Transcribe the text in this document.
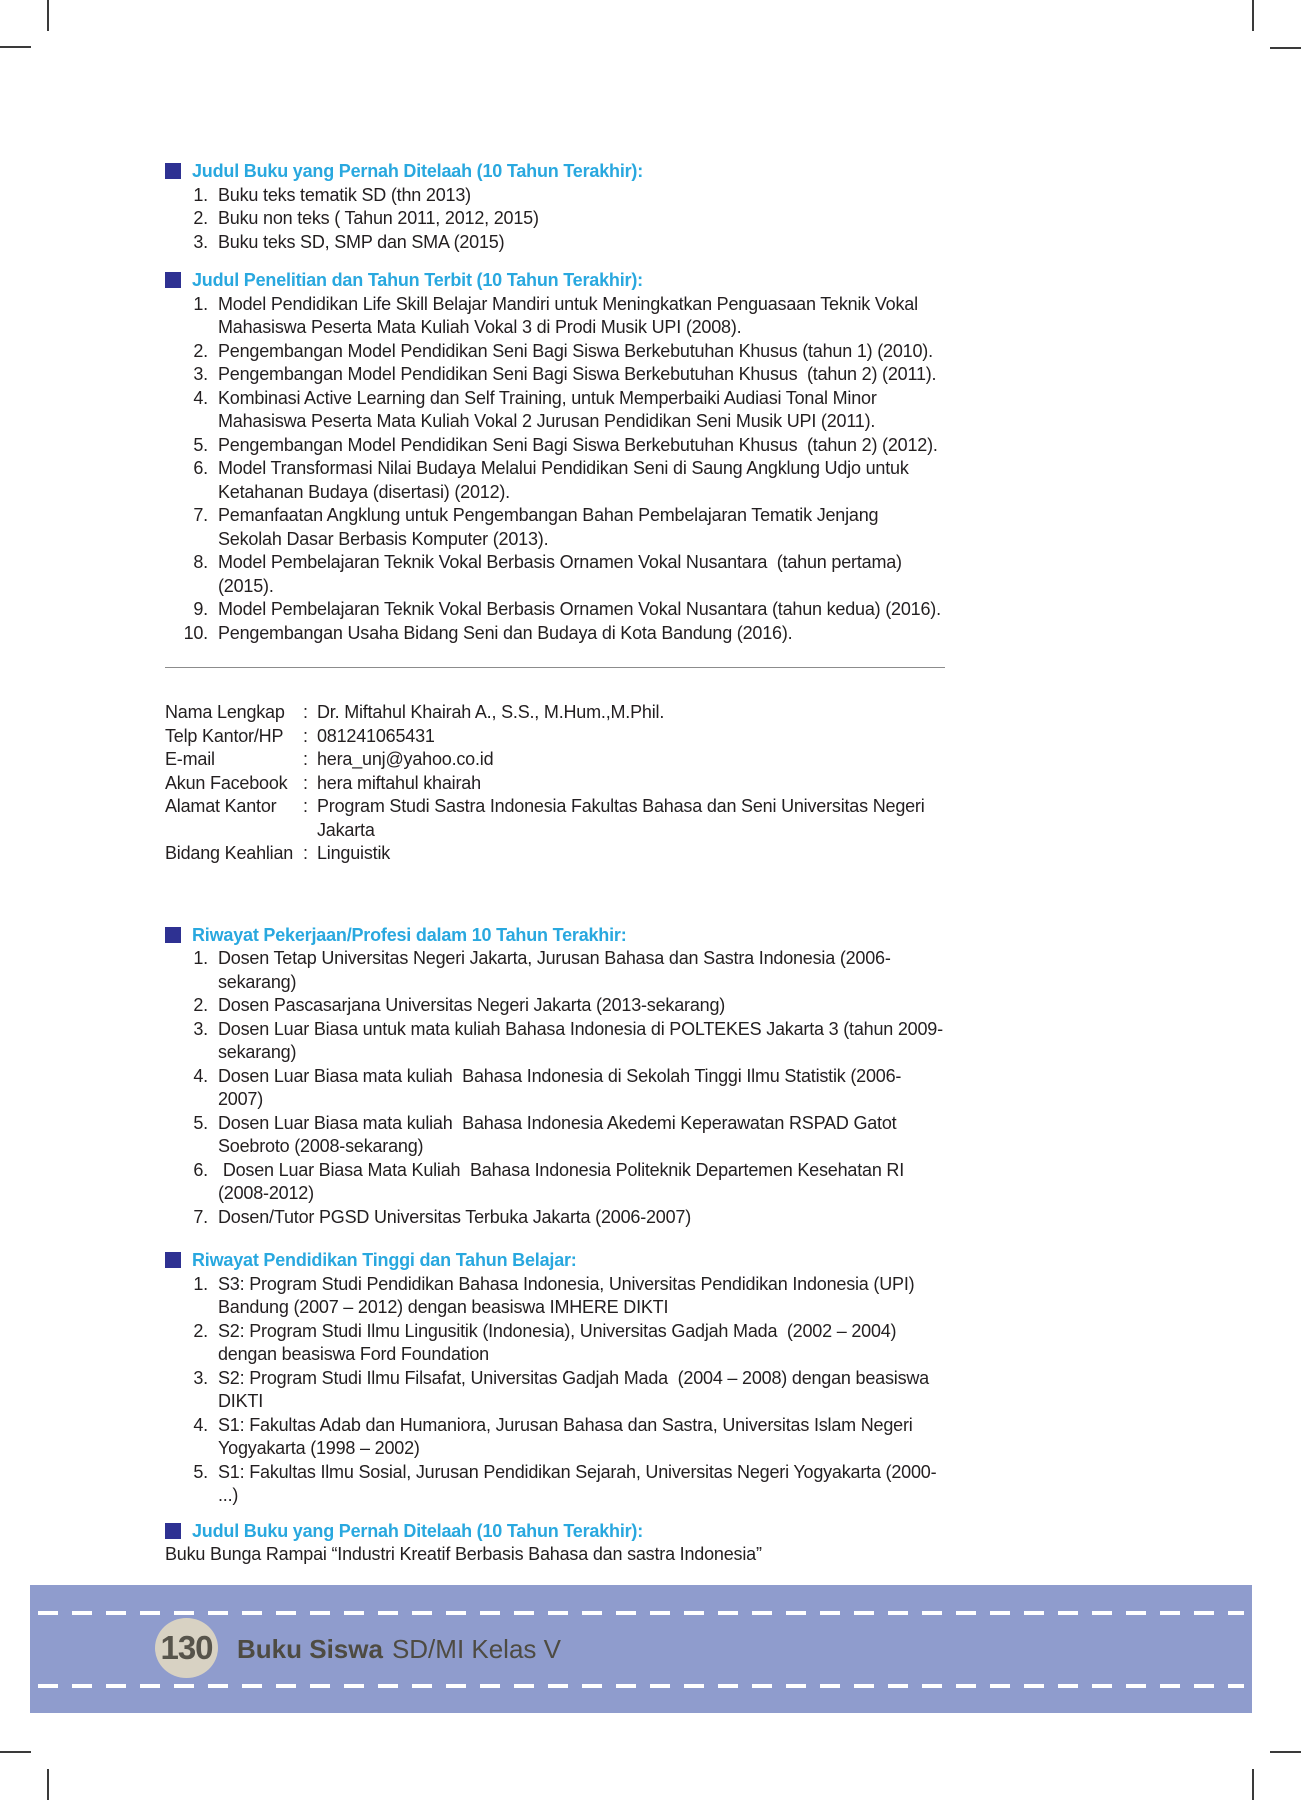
Judul Buku yang Pernah Ditelaah (10 Tahun Terakhir):
1. Buku teks tematik SD (thn 2013)
2. Buku non teks ( Tahun 2011, 2012, 2015)
3. Buku teks SD, SMP dan SMA (2015)
Judul Penelitian dan Tahun Terbit (10 Tahun Terakhir):
1. Model Pendidikan Life Skill Belajar Mandiri untuk Meningkatkan Penguasaan Teknik Vokal Mahasiswa Peserta Mata Kuliah Vokal 3 di Prodi Musik UPI (2008).
2. Pengembangan Model Pendidikan Seni Bagi Siswa Berkebutuhan Khusus (tahun 1) (2010).
3. Pengembangan Model Pendidikan Seni Bagi Siswa Berkebutuhan Khusus  (tahun 2) (2011).
4. Kombinasi Active Learning dan Self Training, untuk Memperbaiki Audiasi Tonal Minor Mahasiswa Peserta Mata Kuliah Vokal 2 Jurusan Pendidikan Seni Musik UPI (2011).
5. Pengembangan Model Pendidikan Seni Bagi Siswa Berkebutuhan Khusus  (tahun 2) (2012).
6. Model Transformasi Nilai Budaya Melalui Pendidikan Seni di Saung Angklung Udjo untuk Ketahanan Budaya (disertasi) (2012).
7. Pemanfaatan Angklung untuk Pengembangan Bahan Pembelajaran Tematik Jenjang Sekolah Dasar Berbasis Komputer (2013).
8. Model Pembelajaran Teknik Vokal Berbasis Ornamen Vokal Nusantara  (tahun pertama) (2015).
9. Model Pembelajaran Teknik Vokal Berbasis Ornamen Vokal Nusantara (tahun kedua) (2016).
10. Pengembangan Usaha Bidang Seni dan Budaya di Kota Bandung (2016).
Nama Lengkap	: Dr. Miftahul Khairah A., S.S., M.Hum.,M.Phil.
Telp Kantor/HP	: 081241065431
E-mail	: hera_unj@yahoo.co.id
Akun Facebook : hera miftahul khairah
Alamat Kantor	: Program Studi Sastra Indonesia Fakultas Bahasa dan Seni Universitas Negeri Jakarta
Bidang Keahlian : Linguistik
Riwayat Pekerjaan/Profesi dalam 10 Tahun Terakhir:
1. Dosen Tetap Universitas Negeri Jakarta, Jurusan Bahasa dan Sastra Indonesia (2006-sekarang)
2. Dosen Pascasarjana Universitas Negeri Jakarta (2013-sekarang)
3. Dosen Luar Biasa untuk mata kuliah Bahasa Indonesia di POLTEKES Jakarta 3 (tahun 2009-sekarang)
4. Dosen Luar Biasa mata kuliah  Bahasa Indonesia di Sekolah Tinggi Ilmu Statistik (2006-2007)
5. Dosen Luar Biasa mata kuliah  Bahasa Indonesia Akedemi Keperawatan RSPAD Gatot Soebroto (2008-sekarang)
6. Dosen Luar Biasa Mata Kuliah  Bahasa Indonesia Politeknik Departemen Kesehatan RI  (2008-2012)
7. Dosen/Tutor PGSD Universitas Terbuka Jakarta (2006-2007)
Riwayat Pendidikan Tinggi dan Tahun Belajar:
1. S3: Program Studi Pendidikan Bahasa Indonesia, Universitas Pendidikan Indonesia (UPI) Bandung (2007 – 2012) dengan beasiswa IMHERE DIKTI
2. S2: Program Studi Ilmu Lingusitik (Indonesia), Universitas Gadjah Mada  (2002 – 2004) dengan beasiswa Ford Foundation
3. S2: Program Studi Ilmu Filsafat, Universitas Gadjah Mada  (2004 – 2008) dengan beasiswa DIKTI
4. S1: Fakultas Adab dan Humaniora, Jurusan Bahasa dan Sastra, Universitas Islam Negeri Yogyakarta (1998 – 2002)
5. S1: Fakultas Ilmu Sosial, Jurusan Pendidikan Sejarah, Universitas Negeri Yogyakarta (2000- ...)
Judul Buku yang Pernah Ditelaah (10 Tahun Terakhir):

Buku Bunga Rampai “Industri Kreatif Berbasis Bahasa dan sastra Indonesia”

130 Buku Siswa SD/MI Kelas V
